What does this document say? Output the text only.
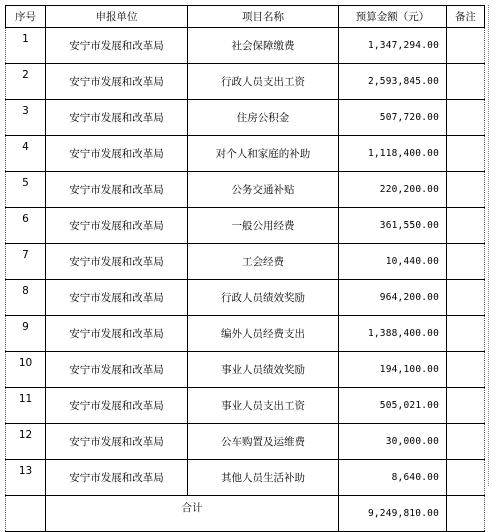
序号	申报单位	项目名称	预算金额（元）	备注
1	安宁市发展和改革局	社会保障缴费	1,347,294.00	
2	安宁市发展和改革局	行政人员支出工资	2,593,845.00	
3	安宁市发展和改革局	住房公积金	507,720.00	
4	安宁市发展和改革局	对个人和家庭的补助	1,118,400.00	
5	安宁市发展和改革局	公务交通补贴	220,200.00	
6	安宁市发展和改革局	一般公用经费	361,550.00	
7	安宁市发展和改革局	工会经费	10,440.00	
8	安宁市发展和改革局	行政人员绩效奖励	964,200.00	
9	安宁市发展和改革局	编外人员经费支出	1,388,400.00	
10	安宁市发展和改革局	事业人员绩效奖励	194,100.00	
11	安宁市发展和改革局	事业人员支出工资	505,021.00	
12	安宁市发展和改革局	公车购置及运维费	30,000.00	
13	安宁市发展和改革局	其他人员生活补助	8,640.00	
	合计		9,249,810.00	
